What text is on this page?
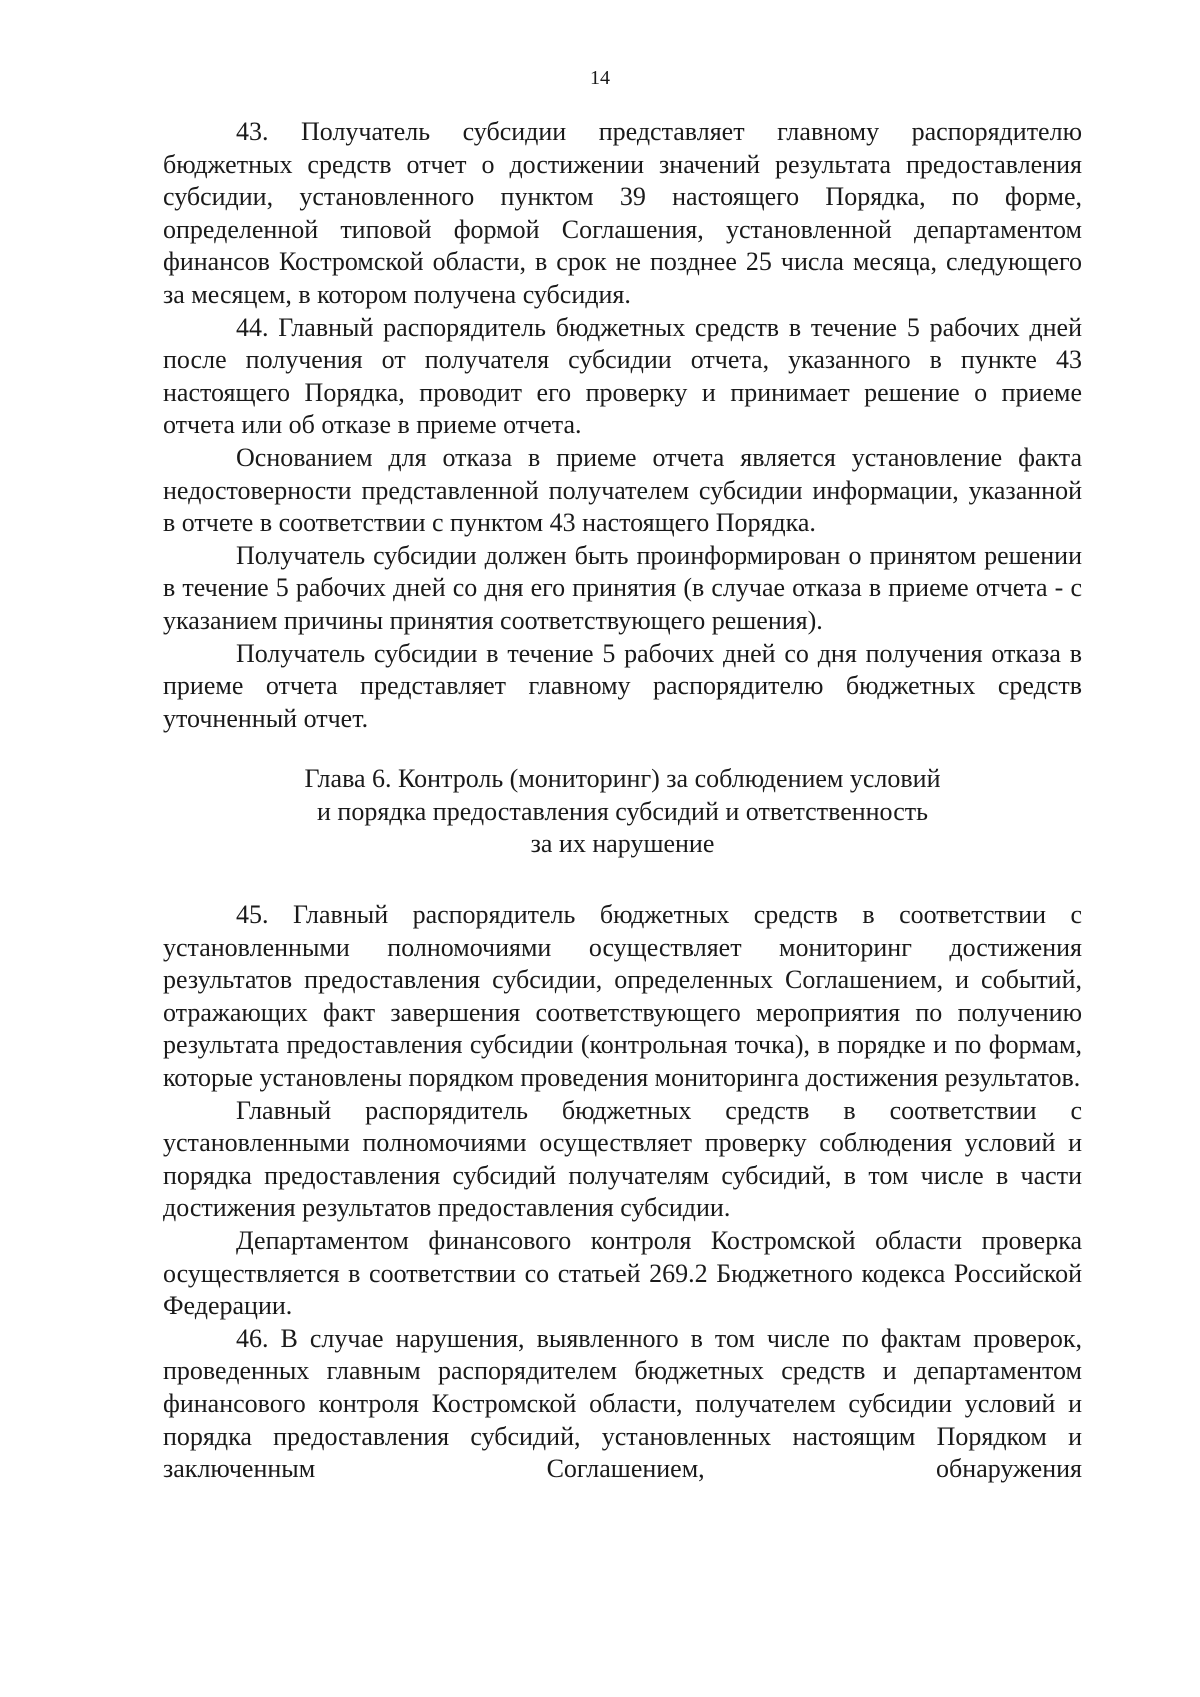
14

43. Получатель субсидии представляет главному распорядителю бюджетных средств отчет о достижении значений результата предоставления субсидии, установленного пунктом 39 настоящего Порядка, по форме, определенной типовой формой Соглашения, установленной департаментом финансов Костромской области, в срок не позднее 25 числа месяца, следующего за месяцем, в котором получена субсидия.

44. Главный распорядитель бюджетных средств в течение 5 рабочих дней после получения от получателя субсидии отчета, указанного в пункте 43 настоящего Порядка, проводит его проверку и принимает решение о приеме отчета или об отказе в приеме отчета.

Основанием для отказа в приеме отчета является установление факта недостоверности представленной получателем субсидии информации, указанной в отчете в соответствии с пунктом 43 настоящего Порядка.

Получатель субсидии должен быть проинформирован о принятом решении в течение 5 рабочих дней со дня его принятия (в случае отказа в приеме отчета - с указанием причины принятия соответствующего решения).

Получатель субсидии в течение 5 рабочих дней со дня получения отказа в приеме отчета представляет главному распорядителю бюджетных средств уточненный отчет.

Глава 6. Контроль (мониторинг) за соблюдением условий
и порядка предоставления субсидий и ответственность
за их нарушение

45. Главный распорядитель бюджетных средств в соответствии с установленными полномочиями осуществляет мониторинг достижения результатов предоставления субсидии, определенных Соглашением, и событий, отражающих факт завершения соответствующего мероприятия по получению результата предоставления субсидии (контрольная точка), в порядке и по формам, которые установлены порядком проведения мониторинга достижения результатов.

Главный распорядитель бюджетных средств в соответствии с установленными полномочиями осуществляет проверку соблюдения условий и порядка предоставления субсидий получателям субсидий, в том числе в части достижения результатов предоставления субсидии.

Департаментом финансового контроля Костромской области проверка осуществляется в соответствии со статьей 269.2 Бюджетного кодекса Российской Федерации.

46. В случае нарушения, выявленного в том числе по фактам проверок, проведенных главным распорядителем бюджетных средств и департаментом финансового контроля Костромской области, получателем субсидии условий и порядка предоставления субсидий, установленных настоящим Порядком и заключенным Соглашением, обнаружения
